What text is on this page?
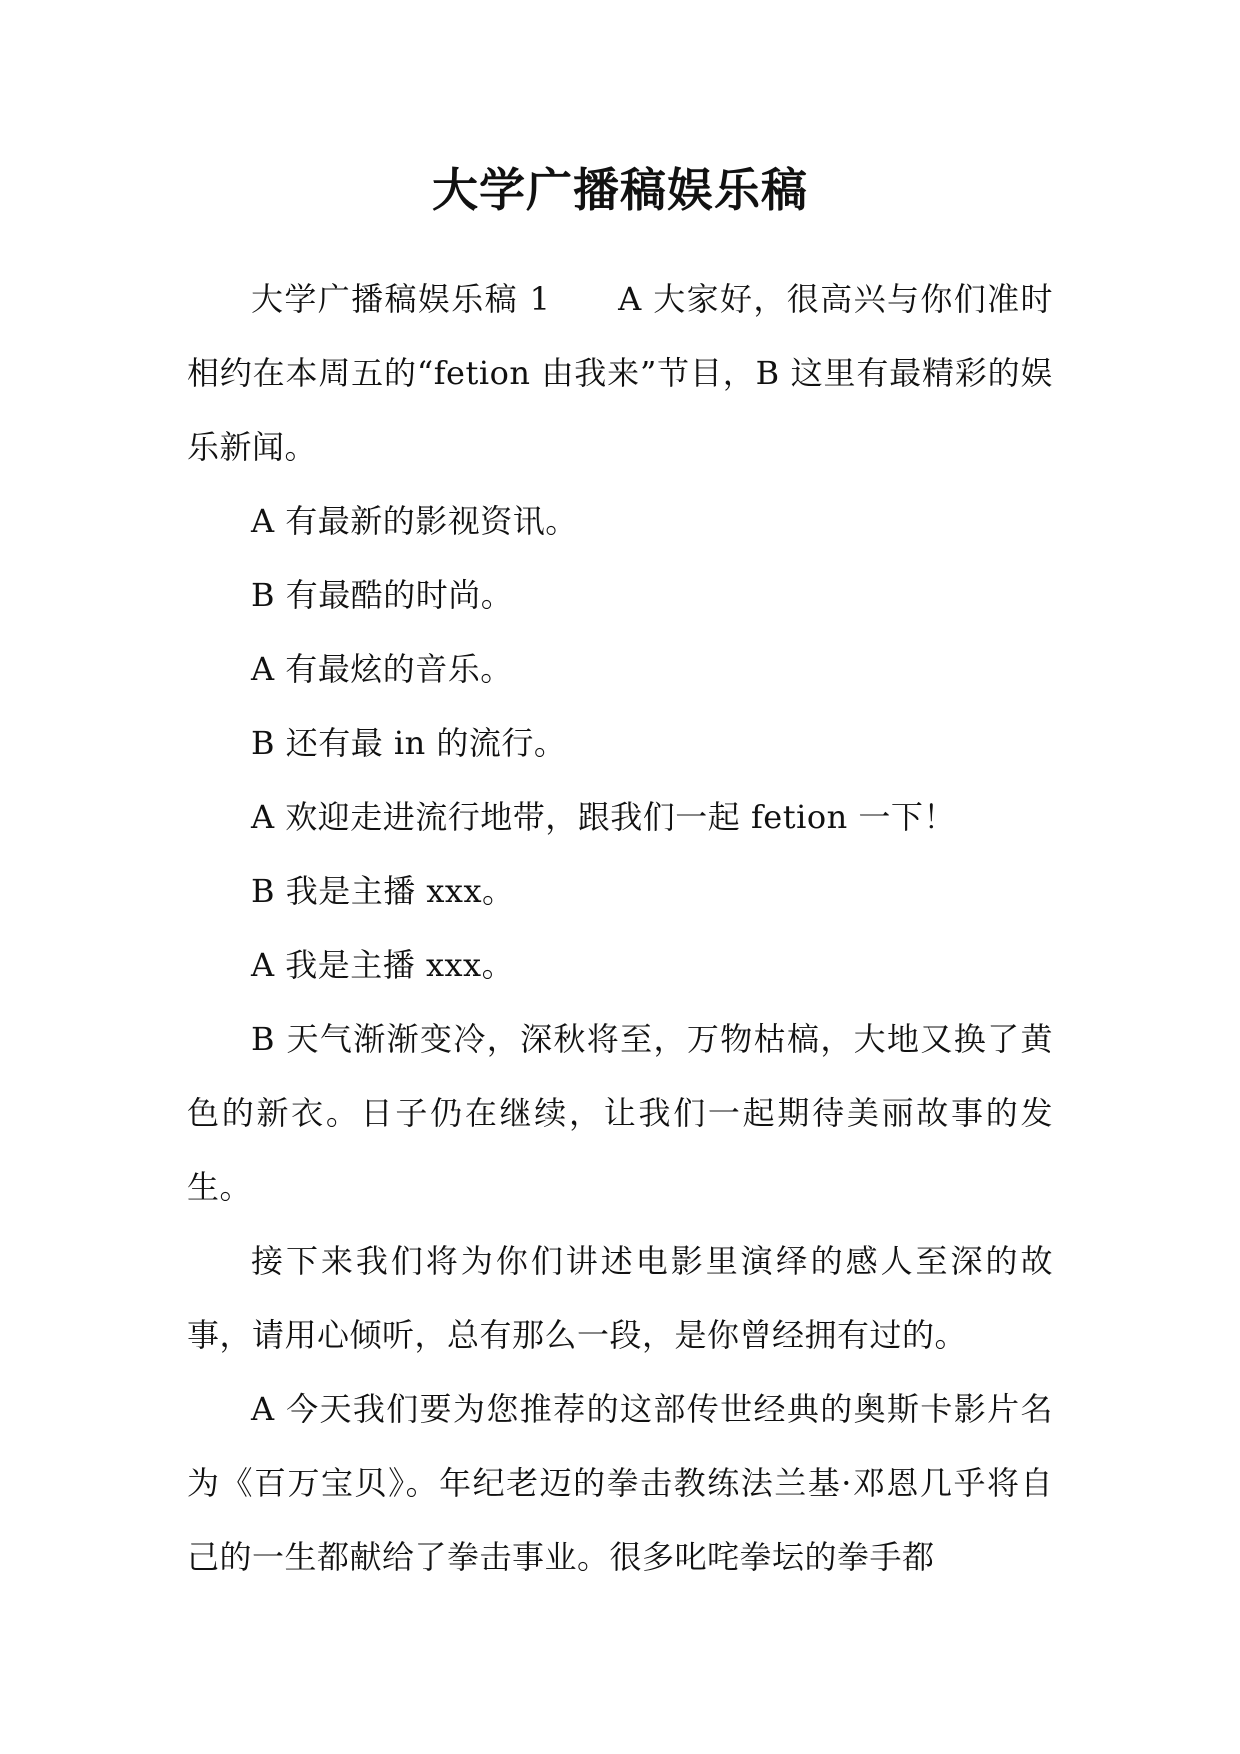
大学广播稿娱乐稿

大学广播稿娱乐稿 1　　A 大家好，很高兴与你们准时相约在本周五的“fetion 由我来”节目，B 这里有最精彩的娱乐新闻。

A 有最新的影视资讯。

B 有最酷的时尚。

A 有最炫的音乐。

B 还有最 in 的流行。

A 欢迎走进流行地带，跟我们一起 fetion 一下！

B 我是主播 xxx。

A 我是主播 xxx。

B 天气渐渐变冷，深秋将至，万物枯槁，大地又换了黄色的新衣。日子仍在继续，让我们一起期待美丽故事的发生。

接下来我们将为你们讲述电影里演绎的感人至深的故事，请用心倾听，总有那么一段，是你曾经拥有过的。

A 今天我们要为您推荐的这部传世经典的奥斯卡影片名为《百万宝贝》。年纪老迈的拳击教练法兰基·邓恩几乎将自己的一生都献给了拳击事业。很多叱咤拳坛的拳手都
